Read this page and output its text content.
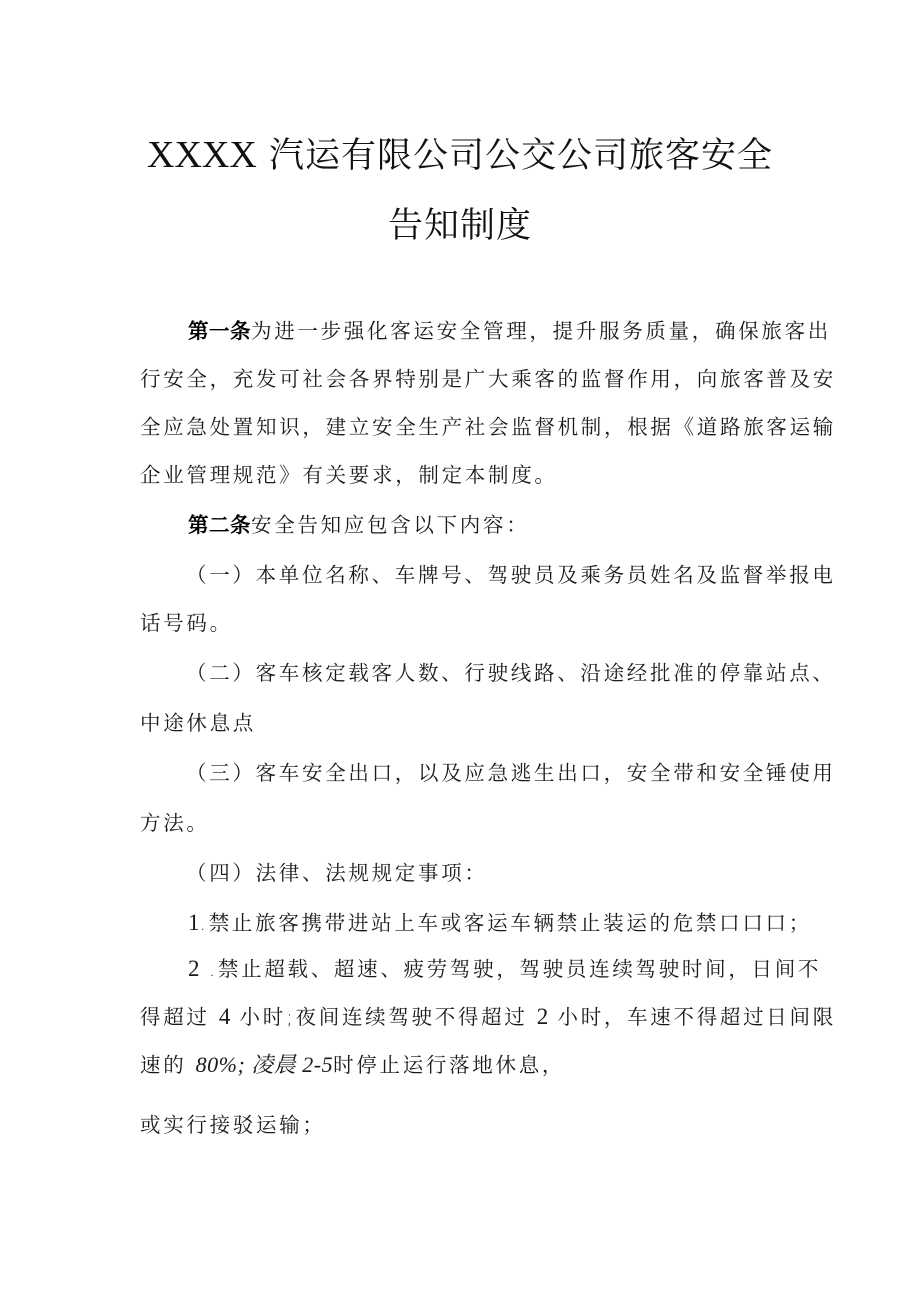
XXXX 汽运有限公司公交公司旅客安全
告知制度
第一条为进一步强化客运安全管理，提升服务质量，确保旅客出
行安全，充发可社会各界特别是广大乘客的监督作用，向旅客普及安
全应急处置知识，建立安全生产社会监督机制，根据《道路旅客运输
企业管理规范》有关要求，制定本制度。
第二条安全告知应包含以下内容：
（一）本单位名称、车牌号、驾驶员及乘务员姓名及监督举报电
话号码。
（二）客车核定载客人数、行驶线路、沿途经批准的停靠站点、
中途休息点
（三）客车安全出口，以及应急逃生出口，安全带和安全锤使用
方法。
（四）法律、法规规定事项：
1.禁止旅客携带进站上车或客运车辆禁止装运的危禁口口口；
2 .禁止超载、超速、疲劳驾驶，驾驶员连续驾驶时间，日间不
得超过 4 小时;夜间连续驾驶不得超过 2 小时，车速不得超过日间限
速的 80%; 凌晨 2-5时停止运行落地休息，
或实行接驳运输；
